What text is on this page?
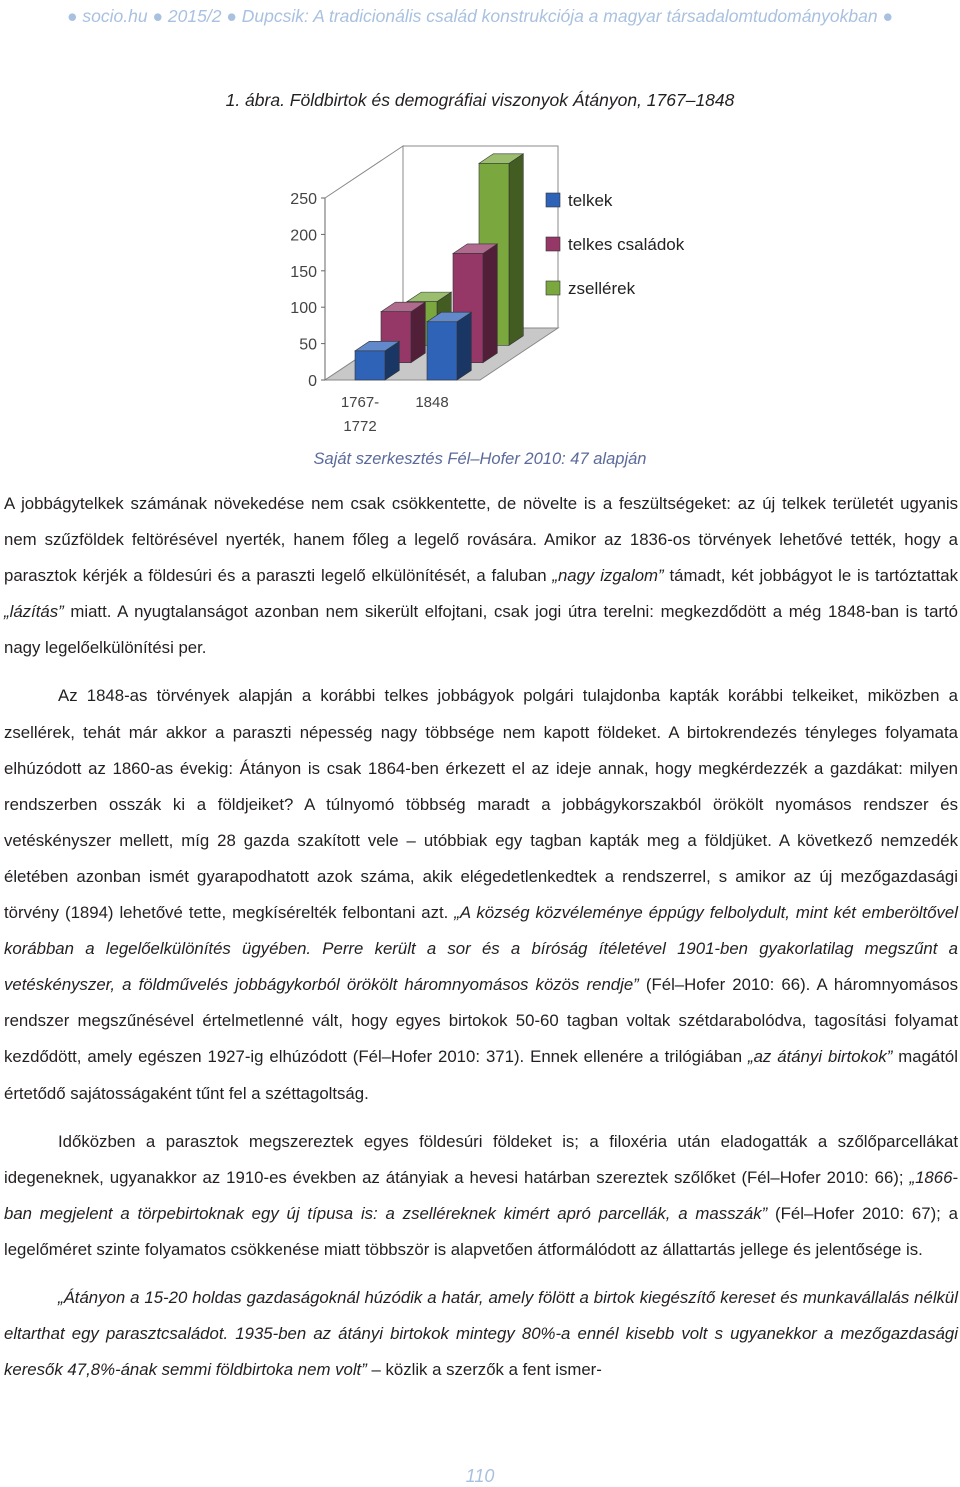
● socio.hu ● 2015/2 ● Dupcsik: A tradicionális család konstrukciója a magyar társadalomtudományokban ●
1. ábra. Földbirtok és demográfiai viszonyok Átányon, 1767–1848
0
50
100
150
200
250
1767-
1772
1848
telkek
telkes családok
zsellérek
Saját szerkesztés Fél–Hofer 2010: 47 alapján

A jobbágytelkek számának növekedése nem csak csökkentette, de növelte is a feszültségeket: az új telkek területét ugyanis nem szűzföldek feltörésével nyerték, hanem főleg a legelő rovására. Amikor az 1836-os törvények lehetővé tették, hogy a parasztok kérjék a földesúri és a paraszti legelő elkülönítését, a faluban „nagy izgalom” támadt, két jobbágyot le is tartóztattak „lázítás” miatt. A nyugtalanságot azonban nem sikerült elfojtani, csak jogi útra terelni: megkezdődött a még 1848-ban is tartó nagy legelőelkülönítési per.

Az 1848-as törvények alapján a korábbi telkes jobbágyok polgári tulajdonba kapták korábbi telkeiket, miközben a zsellérek, tehát már akkor a paraszti népesség nagy többsége nem kapott földeket. A birtokrendezés tényleges folyamata elhúzódott az 1860-as évekig: Átányon is csak 1864-ben érkezett el az ideje annak, hogy megkérdezzék a gazdákat: milyen rendszerben osszák ki a földjeiket? A túlnyomó többség maradt a jobbágykorszakból örökölt nyomásos rendszer és vetéskényszer mellett, míg 28 gazda szakított vele – utóbbiak egy tagban kapták meg a földjüket. A következő nemzedék életében azonban ismét gyarapodhatott azok száma, akik elégedetlenkedtek a rendszerrel, s amikor az új mezőgazdasági törvény (1894) lehetővé tette, megkísérelték felbontani azt. „A község közvéleménye éppúgy felbolydult, mint két emberöltővel korábban a legelőelkülönítés ügyében. Perre került a sor és a bíróság ítéletével 1901-ben gyakorlatilag megszűnt a vetéskényszer, a földművelés jobbágykorból örökölt háromnyomásos közös rendje” (Fél–Hofer 2010: 66). A háromnyomásos rendszer megszűnésével értelmetlenné vált, hogy egyes birtokok 50-60 tagban voltak szétdarabolódva, tagosítási folyamat kezdődött, amely egészen 1927-ig elhúzódott (Fél–Hofer 2010: 371). Ennek ellenére a trilógiában „az átányi birtokok” magától értetődő sajátosságaként tűnt fel a széttagoltság.

Időközben a parasztok megszereztek egyes földesúri földeket is; a filoxéria után eladogatták a szőlőparcellákat idegeneknek, ugyanakkor az 1910-es években az átányiak a hevesi határban szereztek szőlőket (Fél–Hofer 2010: 66); „1866-ban megjelent a törpebirtoknak egy új típusa is: a zselléreknek kimért apró parcellák, a masszák” (Fél–Hofer 2010: 67); a legelőméret szinte folyamatos csökkenése miatt többször is alapvetően átformálódott az állattartás jellege és jelentősége is.

„Átányon a 15-20 holdas gazdaságoknál húzódik a határ, amely fölött a birtok kiegészítő kereset és munkavállalás nélkül eltarthat egy parasztcsaládot. 1935-ben az átányi birtokok mintegy 80%-a ennél kisebb volt s ugyanekkor a mezőgazdasági keresők 47,8%-ának semmi földbirtoka nem volt” – közlik a szerzők a fent ismer-

110
